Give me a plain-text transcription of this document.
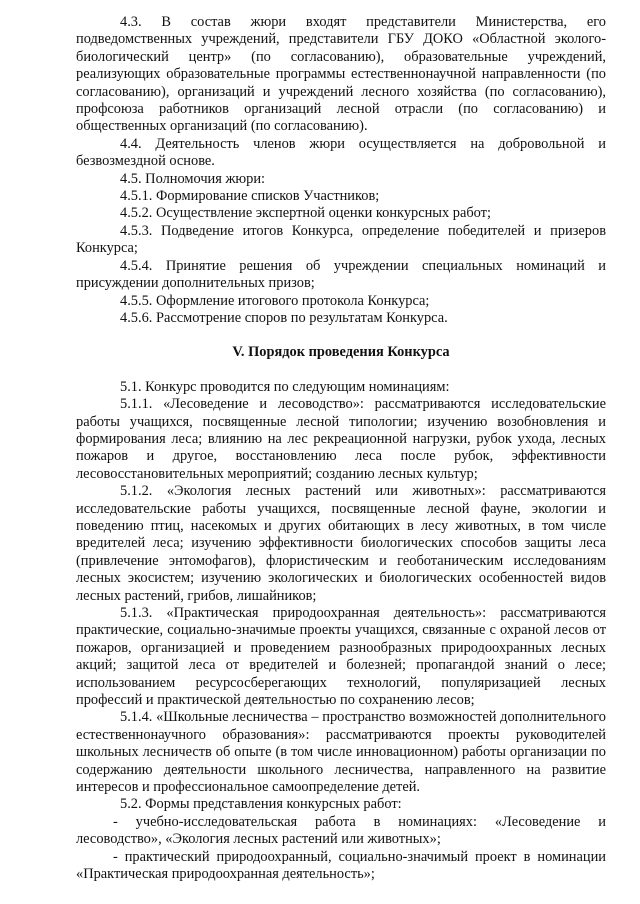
4.3. В состав жюри входят представители Министерства, его подведомственных учреждений, представители ГБУ ДОКО «Областной эколого-биологический центр» (по согласованию), образовательные учреждений, реализующих образовательные программы естественнонаучной направленности (по согласованию), организаций и учреждений лесного хозяйства (по согласованию), профсоюза работников организаций лесной отрасли (по согласованию) и общественных организаций (по согласованию).

4.4. Деятельность членов жюри осуществляется на добровольной и безвозмездной основе.

4.5. Полномочия жюри:

4.5.1. Формирование списков Участников;

4.5.2. Осуществление экспертной оценки конкурсных работ;

4.5.3. Подведение итогов Конкурса, определение победителей и призеров Конкурса;

4.5.4. Принятие решения об учреждении специальных номинаций и присуждении дополнительных призов;

4.5.5. Оформление итогового протокола Конкурса;

4.5.6. Рассмотрение споров по результатам Конкурса.

V. Порядок проведения Конкурса

5.1. Конкурс проводится по следующим номинациям:

5.1.1. «Лесоведение и лесоводство»: рассматриваются исследовательские работы учащихся, посвященные лесной типологии; изучению возобновления и формирования леса; влиянию на лес рекреационной нагрузки, рубок ухода, лесных пожаров и другое, восстановлению леса после рубок, эффективности лесовосстановительных мероприятий; созданию лесных культур;

5.1.2. «Экология лесных растений или животных»: рассматриваются исследовательские работы учащихся, посвященные лесной фауне, экологии и поведению птиц, насекомых и других обитающих в лесу животных, в том числе вредителей леса; изучению эффективности биологических способов защиты леса (привлечение энтомофагов), флористическим и геоботаническим исследованиям лесных экосистем; изучению экологических и биологических особенностей видов лесных растений, грибов, лишайников;

5.1.3. «Практическая природоохранная деятельность»: рассматриваются практические, социально-значимые проекты учащихся, связанные с охраной лесов от пожаров, организацией и проведением разнообразных природоохранных лесных акций; защитой леса от вредителей и болезней; пропагандой знаний о лесе; использованием ресурсосберегающих технологий, популяризацией лесных профессий и практической деятельностью по сохранению лесов;

5.1.4. «Школьные лесничества – пространство возможностей дополнительного естественнонаучного образования»: рассматриваются проекты руководителей школьных лесничеств об опыте (в том числе инновационном) работы организации по содержанию деятельности школьного лесничества, направленного на развитие интересов и профессиональное самоопределение детей.

5.2. Формы представления конкурсных работ:

- учебно-исследовательская работа в номинациях: «Лесоведение и лесоводство», «Экология лесных растений или животных»;

- практический природоохранный, социально-значимый проект в номинации «Практическая природоохранная деятельность»;
